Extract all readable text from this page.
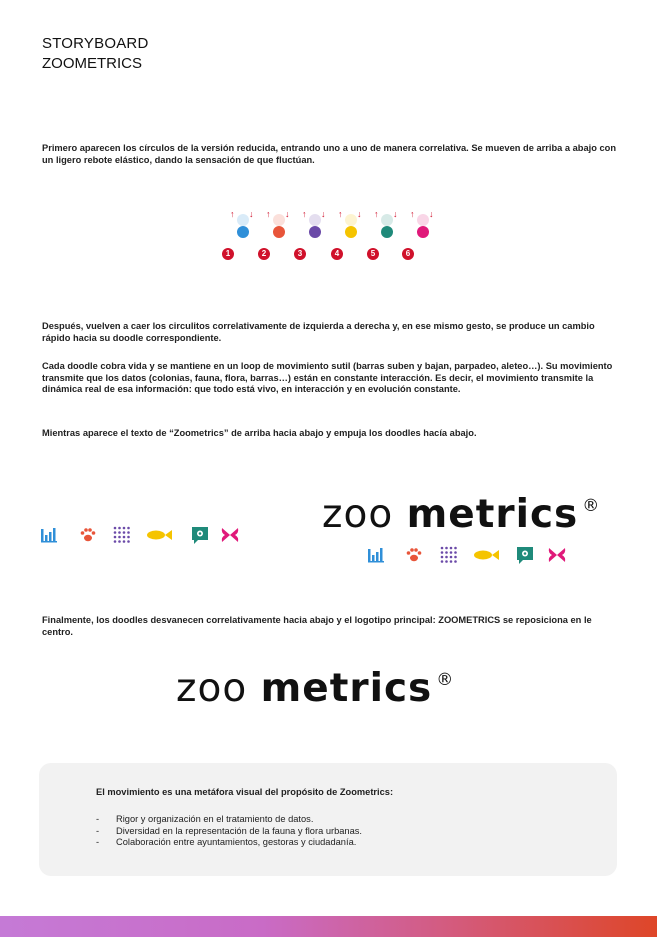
STORYBOARD
ZOOMETRICS
Primero aparecen los círculos de la versión reducida, entrando uno a uno de manera correlativa. Se mueven de arriba a abajo con un ligero rebote elástico, dando la sensación de que fluctúan.
↑ ↓
1
↑ ↓
2
↑ ↓
3
↑ ↓
4
↑ ↓
5
↑ ↓
6
Después, vuelven a caer los circulitos correlativamente de izquierda a derecha y, en ese mismo gesto, se produce un cambio rápido hacia su doodle correspondiente.
Cada doodle cobra vida y se mantiene en un loop de movimiento sutil (barras suben y bajan, parpadeo, aleteo…). Su movimiento transmite que los datos (colonias, fauna, flora, barras…) están en constante interacción. Es decir, el movimiento transmite la dinámica real de esa información: que todo está vivo, en interacción y en evolución constante.
Mientras aparece el texto de “Zoometrics” de arriba hacia abajo y empuja los doodles hacía abajo.
zoo metrics ®
Finalmente, los doodles desvanecen correlativamente hacia abajo y el logotipo principal: ZOOMETRICS se reposiciona en le centro.
zoo metrics ®
El movimiento es una metáfora visual del propósito de Zoometrics:
- Rigor y organización en el tratamiento de datos.
- Diversidad en la representación de la fauna y flora urbanas.
- Colaboración entre ayuntamientos, gestoras y ciudadanía.
